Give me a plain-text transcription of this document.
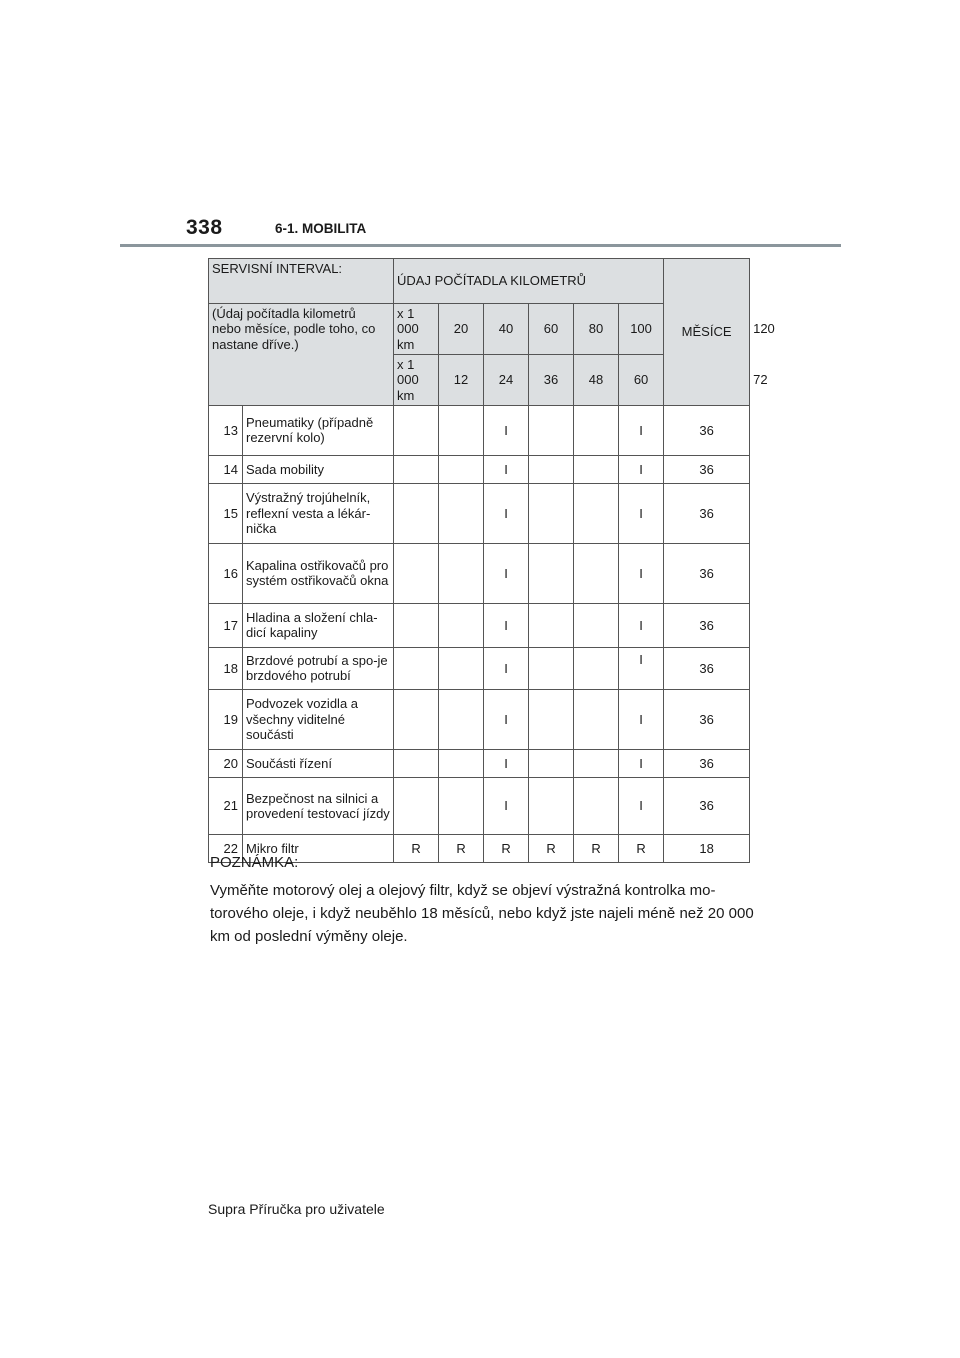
338	6-1. MOBILITA
SERVISNÍ INTERVAL:		ÚDAJ POČÍTADLA KILOMETRŮ						MĚSÍCE	
(Údaj počítadla kilometrů nebo měsíce, podle toho, co nastane dříve.)		x 1 000 km	20	40	60	80	100		120
		x 1 000 km	12	24	36	48	60		72
13	Pneumatiky (případně rezervní kolo)			I			I	36	
14	Sada mobility			I			I	36	
15	Výstražný trojúhelník, reflexní vesta a lékár-nička			I			I	36	
16	Kapalina ostřikovačů pro systém ostřikovačů okna			I			I	36	
17	Hladina a složení chla-dicí kapaliny			I			I	36	
18	Brzdové potrubí a spo-je brzdového potrubí			I			I	36	
19	Podvozek vozidla a všechny viditelné součásti			I			I	36	
20	Součásti řízení			I			I	36	
21	Bezpečnost na silnici a provedení testovací jízdy			I			I	36	
22	Mikro filtr	R	R	R	R	R	R	18	
POZNÁMKA:
Vyměňte motorový olej a olejový filtr, když se objeví výstražná kontrolka mo-torového oleje, i když neuběhlo 18 měsíců, nebo když jste najeli méně než 20 000 km od poslední výměny oleje.
Supra Příručka pro uživatele
